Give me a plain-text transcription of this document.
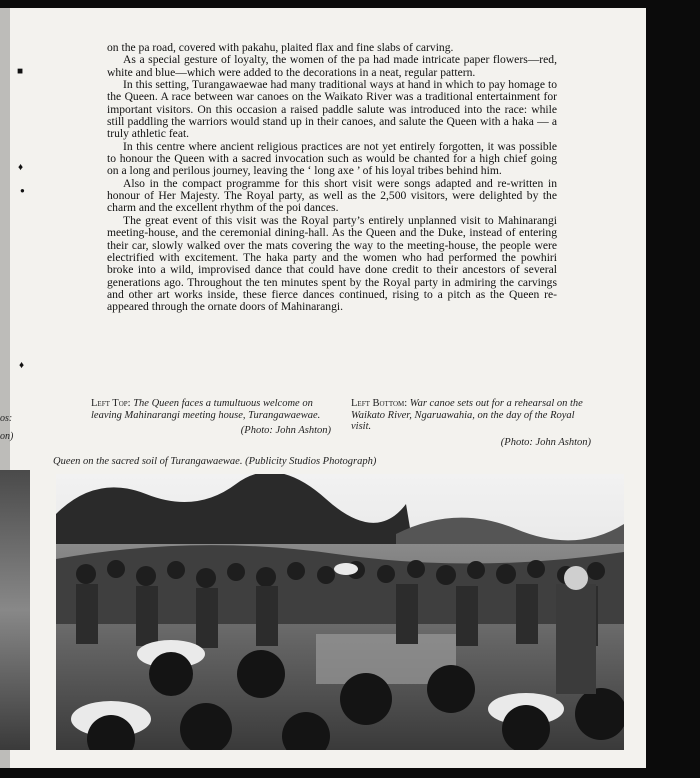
os:
on)
■
♦
●
♦

on the pa road, covered with pakahu, plaited flax and fine slabs of carving.

As a special gesture of loyalty, the women of the pa had made intricate paper flowers—red, white and blue—which were added to the decorations in a neat, regular pattern.

In this setting, Turangawaewae had many traditional ways at hand in which to pay homage to the Queen. A race between war canoes on the Waikato River was a traditional entertainment for important visitors. On this occasion a raised paddle salute was introduced into the race: while still paddling the warriors would stand up in their canoes, and salute the Queen with a haka — a truly athletic feat.

In this centre where ancient religious practices are not yet entirely forgotten, it was possible to honour the Queen with a sacred invocation such as would be chanted for a high chief going on a long and perilous journey, leaving the ‘ long axe ’ of his loyal tribes behind him.

Also in the compact programme for this short visit were songs adapted and re-written in honour of Her Majesty. The Royal party, as well as the 2,500 visitors, were delighted by the charm and the excellent rhythm of the poi dances.

The great event of this visit was the Royal party’s entirely unplanned visit to Mahinarangi meeting-house, and the ceremonial dining-hall. As the Queen and the Duke, instead of entering their car, slowly walked over the mats covering the way to the meeting-house, the people were electrified with excitement. The haka party and the women who had performed the powhiri broke into a wild, improvised dance that could have done credit to their ancestors of several generations ago. Throughout the ten minutes spent by the Royal party in admiring the carvings and other art works inside, these fierce dances continued, rising to a pitch as the Queen re-appeared through the ornate doors of Mahinarangi.

Left Top: The Queen faces a tumultuous welcome on leaving Mahinarangi meeting house, Turangawaewae.
(Photo: John Ashton)
Left Bottom: War canoe sets out for a rehearsal on the Waikato River, Ngaruawahia, on the day of the Royal visit.
(Photo: John Ashton)
Queen on the sacred soil of Turangawaewae. (Publicity Studios Photograph)
